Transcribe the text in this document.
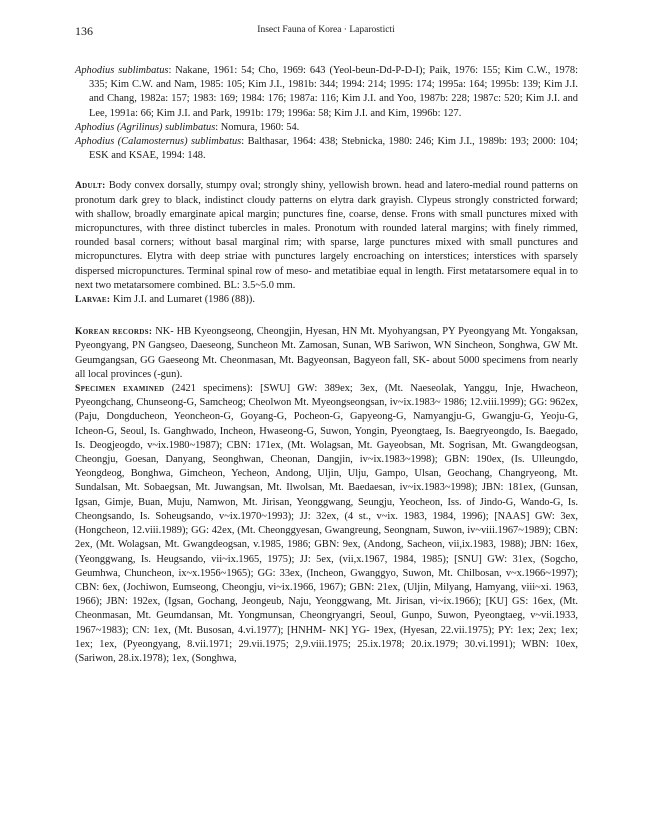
136	Insect Fauna of Korea · Laparosticti

Aphodius sublimbatus: Nakane, 1961: 54; Cho, 1969: 643 (Yeol-beun-Dd-P-D-I); Paik, 1976: 155; Kim C.W., 1978: 335; Kim C.W. and Nam, 1985: 105; Kim J.I., 1981b: 344; 1994: 214; 1995: 174; 1995a: 164; 1995b: 139; Kim J.I. and Chang, 1982a: 157; 1983: 169; 1984: 176; 1987a: 116; Kim J.I. and Yoo, 1987b: 228; 1987c: 520; Kim J.I. and Lee, 1991a: 66; Kim J.I. and Park, 1991b: 179; 1996a: 58; Kim J.I. and Kim, 1996b: 127.

Aphodius (Agrilinus) sublimbatus: Nomura, 1960: 54.

Aphodius (Calamosternus) sublimbatus: Balthasar, 1964: 438; Stebnicka, 1980: 246; Kim J.I., 1989b: 193; 2000: 104; ESK and KSAE, 1994: 148.

Adult: Body convex dorsally, stumpy oval; strongly shiny, yellowish brown. head and latero-medial round patterns on pronotum dark grey to black, indistinct cloudy patterns on elytra dark grayish. Clypeus strongly constricted forward; with shallow, broadly emarginate apical margin; punctures fine, coarse, dense. Frons with small punctures mixed with micropunctures, with three distinct tubercles in males. Pronotum with rounded lateral margins; with finely rimmed, rounded basal corners; without basal marginal rim; with sparse, large punctures mixed with small punctures and micropunctures. Elytra with deep striae with punctures largely encroaching on interstices; interstices with sparsely dispersed micropunctures. Terminal spinal row of meso- and metatibiae equal in length. First metatarsomere equal in to next two metatarsomere combined. BL: 3.5~5.0 mm.

Larvae: Kim J.I. and Lumaret (1986 (88)).

Korean records: NK- HB Kyeongseong, Cheongjin, Hyesan, HN Mt. Myohyangsan, PY Pyeongyang Mt. Yongaksan, Pyeongyang, PN Gangseo, Daeseong, Suncheon Mt. Zamosan, Sunan, WB Sariwon, WN Sincheon, Songhwa, GW Mt. Geumgangsan, GG Gaeseong Mt. Cheonmasan, Mt. Bagyeonsan, Bagyeon fall, SK- about 5000 specimens from nearly all local provinces (-gun).

Specimen examined (2421 specimens): [SWU] GW: 389ex; 3ex, (Mt. Naeseolak, Yanggu, Inje, Hwacheon, Pyeongchang, Chunseong-G, Samcheog; Cheolwon Mt. Myeongseongsan, iv~ix.1983~ 1986; 12.viii.1999); GG: 962ex, (Paju, Dongducheon, Yeoncheon-G, Goyang-G, Pocheon-G, Gapyeong-G, Namyangju-G, Gwangju-G, Yeoju-G, Icheon-G, Seoul, Is. Ganghwado, Incheon, Hwaseong-G, Suwon, Yongin, Pyeongtaeg, Is. Baegryeongdo, Is. Baegado, Is. Deogjeogdo, v~ix.1980~1987); CBN: 171ex, (Mt. Wolagsan, Mt. Gayeobsan, Mt. Sogrisan, Mt. Gwangdeogsan, Cheongju, Goesan, Danyang, Seonghwan, Cheonan, Dangjin, iv~ix.1983~1998); GBN: 190ex, (Is. Ulleungdo, Yeongdeog, Bonghwa, Gimcheon, Yecheon, Andong, Uljin, Ulju, Gampo, Ulsan, Geochang, Changryeong, Mt. Sundalsan, Mt. Sobaegsan, Mt. Juwangsan, Mt. Ilwolsan, Mt. Baedaesan, iv~ix.1983~1998); JBN: 181ex, (Gunsan, Igsan, Gimje, Buan, Muju, Namwon, Mt. Jirisan, Yeonggwang, Seungju, Yeocheon, Iss. of Jindo-G, Wando-G, Is. Cheongsando, Is. Soheugsando, v~ix.1970~1993); JJ: 32ex, (4 st., v~ix. 1983, 1984, 1996); [NAAS] GW: 3ex, (Hongcheon, 12.viii.1989); GG: 42ex, (Mt. Cheonggyesan, Gwangreung, Seongnam, Suwon, iv~viii.1967~1989); CBN: 2ex, (Mt. Wolagsan, Mt. Gwangdeogsan, v.1985, 1986; GBN: 9ex, (Andong, Sacheon, vii,ix.1983, 1988); JBN: 16ex, (Yeonggwang, Is. Heugsando, vii~ix.1965, 1975); JJ: 5ex, (vii,x.1967, 1984, 1985); [SNU] GW: 31ex, (Sogcho, Geumhwa, Chuncheon, ix~x.1956~1965); GG: 33ex, (Incheon, Gwanggyo, Suwon, Mt. Chilbosan, v~x.1966~1997); CBN: 6ex, (Jochiwon, Eumseong, Cheongju, vi~ix.1966, 1967); GBN: 21ex, (Uljin, Milyang, Hamyang, viii~xi. 1963, 1966); JBN: 192ex, (Igsan, Gochang, Jeongeub, Naju, Yeonggwang, Mt. Jirisan, vi~ix.1966); [KU] GS: 16ex, (Mt. Cheonmasan, Mt. Geumdansan, Mt. Yongmunsan, Cheongryangri, Seoul, Gunpo, Suwon, Pyeongtaeg, v~vii.1933, 1967~1983); CN: 1ex, (Mt. Busosan, 4.vi.1977); [HNHM- NK] YG- 19ex, (Hyesan, 22.vii.1975); PY: 1ex; 2ex; 1ex; 1ex; 1ex, (Pyeongyang, 8.vii.1971; 29.vii.1975; 2,9.viii.1975; 25.ix.1978; 20.ix.1979; 30.vi.1991); WBN: 10ex, (Sariwon, 28.ix.1978); 1ex, (Songhwa,
